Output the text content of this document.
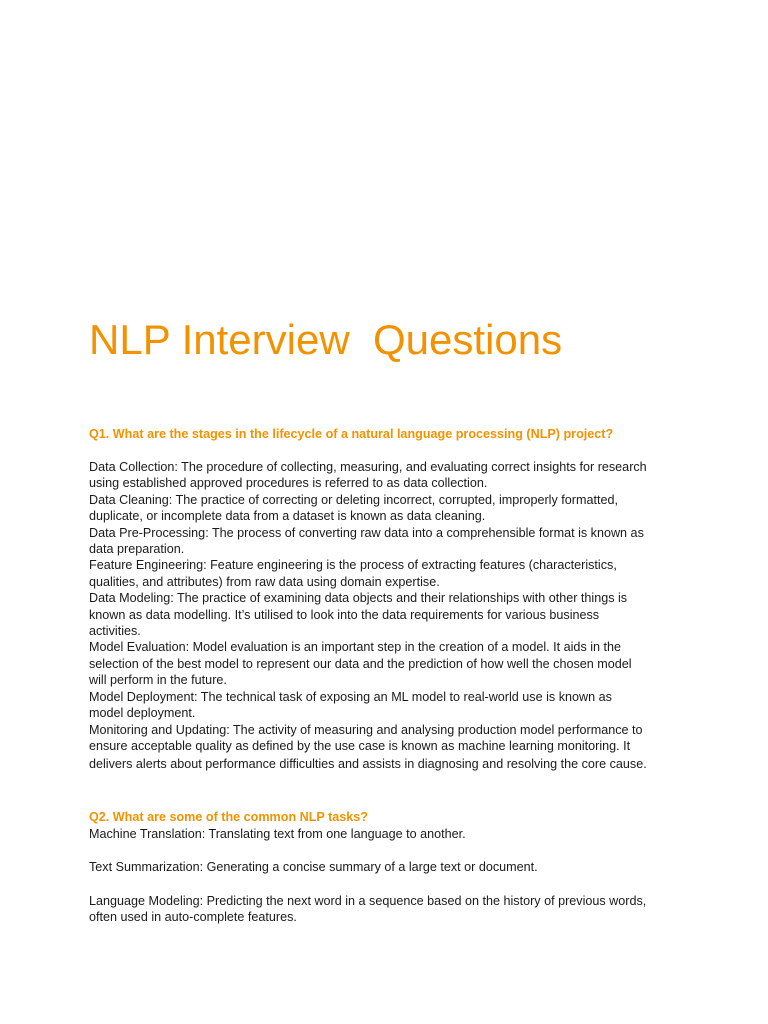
NLP Interview  Questions
Q1. What are the stages in the lifecycle of a natural language processing (NLP) project?

Data Collection: The procedure of collecting, measuring, and evaluating correct insights for research

using established approved procedures is referred to as data collection.

Data Cleaning: The practice of correcting or deleting incorrect, corrupted, improperly formatted,

duplicate, or incomplete data from a dataset is known as data cleaning.

Data Pre-Processing: The process of converting raw data into a comprehensible format is known as

data preparation.

Feature Engineering: Feature engineering is the process of extracting features (characteristics,

qualities, and attributes) from raw data using domain expertise.

Data Modeling: The practice of examining data objects and their relationships with other things is

known as data modelling. It’s utilised to look into the data requirements for various business

activities.

Model Evaluation: Model evaluation is an important step in the creation of a model. It aids in the

selection of the best model to represent our data and the prediction of how well the chosen model

will perform in the future.

Model Deployment: The technical task of exposing an ML model to real-world use is known as

model deployment.

Monitoring and Updating: The activity of measuring and analysing production model performance to

ensure acceptable quality as defined by the use case is known as machine learning monitoring. It

delivers alerts about performance difficulties and assists in diagnosing and resolving the core cause.

Q2. What are some of the common NLP tasks?

Machine Translation: Translating text from one language to another.

Text Summarization: Generating a concise summary of a large text or document.

Language Modeling: Predicting the next word in a sequence based on the history of previous words,
often used in auto-complete features.
